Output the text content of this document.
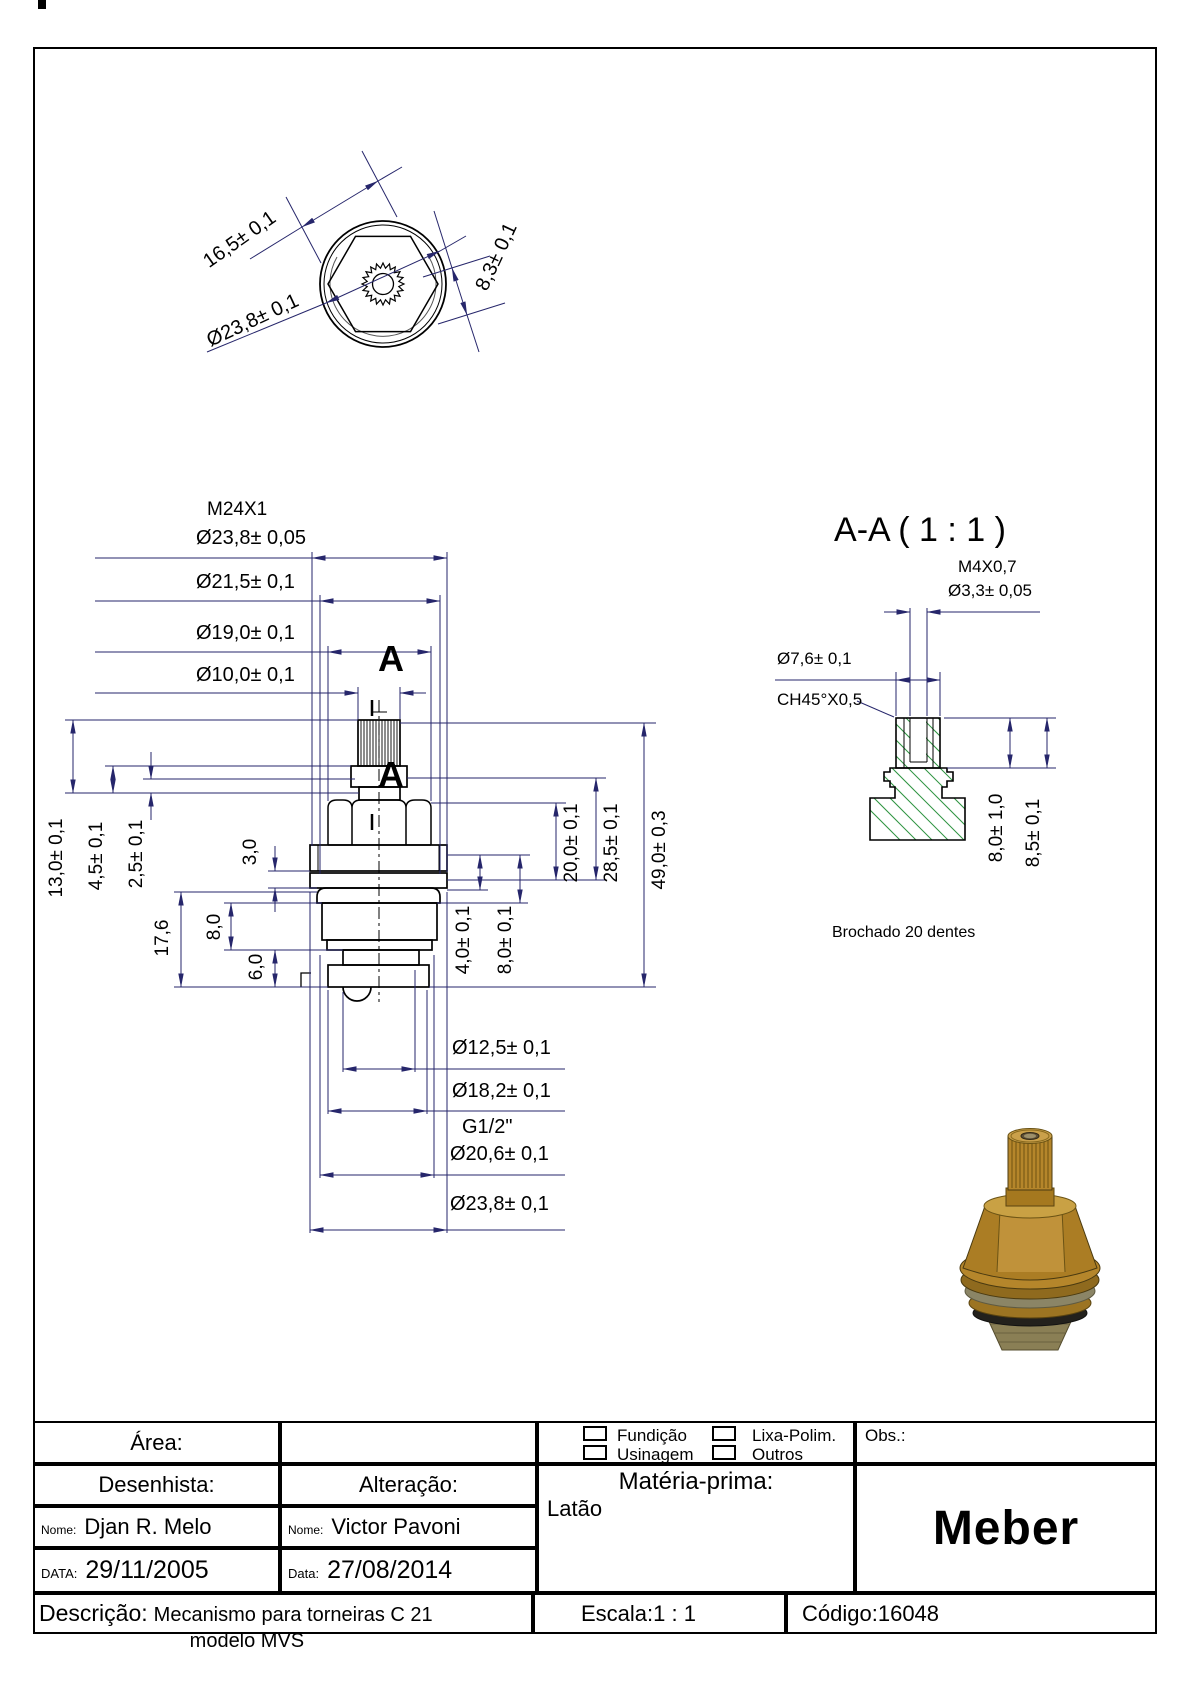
16,5± 0,1
Ø23,8± 0,1
8,3± 0,1
M24X1
Ø23,8± 0,05
Ø21,5± 0,1
Ø19,0± 0,1
Ø10,0± 0,1 A
A
13,0± 0,1 4,5± 0,1 2,5± 0,1	3,0
17,6 8,0
6,0
20,0± 0,1 28,5± 0,1 49,0± 0,3
4,0± 0,1 8,0± 0,1
Ø12,5± 0,1
Ø18,2± 0,1
G1/2"
Ø20,6± 0,1
Ø23,8± 0,1
A-A ( 1 : 1 )
M4X0,7
Ø3,3± 0,05
Ø7,6± 0,1
CH45°X0,5
8,0± 1,0 8,5± 0,1
Brochado 20 dentes
Área:	Fundição	Lixa-Polim.
Usinagem	Outros
Obs.:
Desenhista:	Alteração:	Matéria-prima:
Latão	Meber
Nome: Djan R. Melo	Nome: Victor Pavoni
DATA: 29/11/2005	Data: 27/08/2014
Descrição: Mecanismo para torneiras C 21
modelo MVS
Escala:1 : 1	Código:16048
